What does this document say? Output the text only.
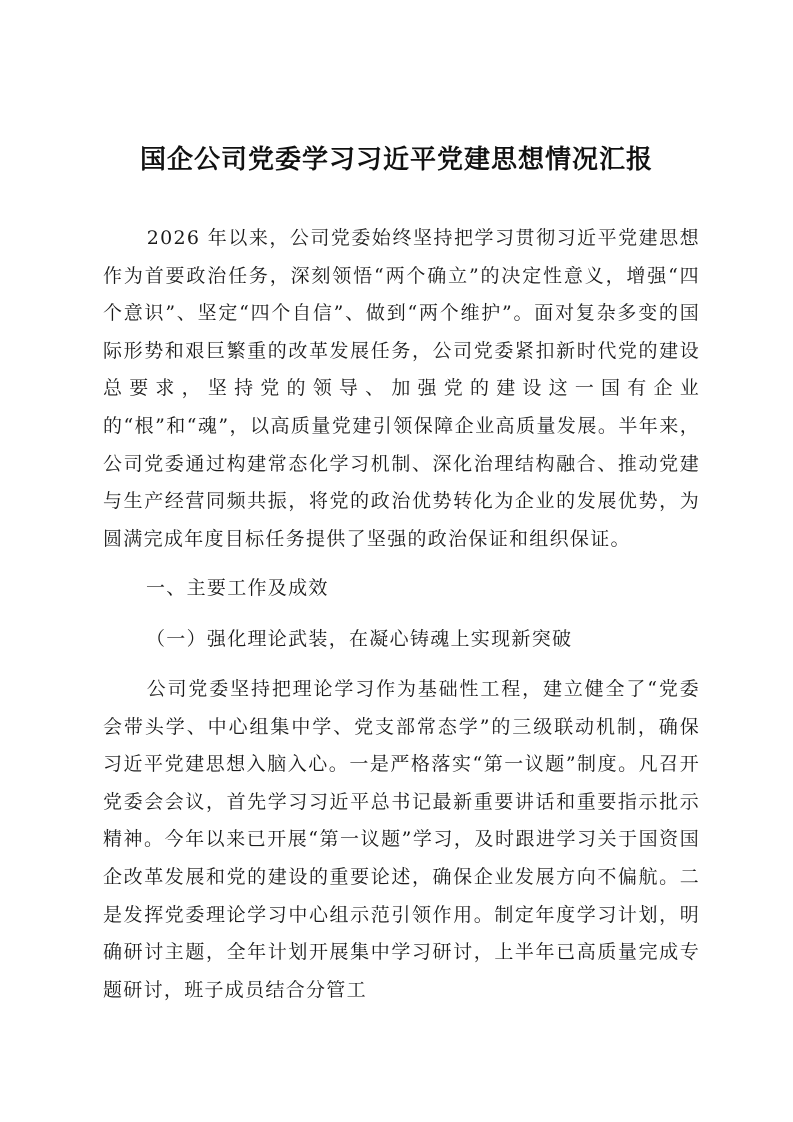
国企公司党委学习习近平党建思想情况汇报

2026 年以来，公司党委始终坚持把学习贯彻习近平党建思想作为首要政治任务，深刻领悟“两个确立”的决定性意义，增强“四个意识”、坚定“四个自信”、做到“两个维护”。面对复杂多变的国际形势和艰巨繁重的改革发展任务，公司党委紧扣新时代党的建设总要求，坚持党的领导、加强党的建设这一国有企业的“根”和“魂”，以高质量党建引领保障企业高质量发展。半年来，公司党委通过构建常态化学习机制、深化治理结构融合、推动党建与生产经营同频共振，将党的政治优势转化为企业的发展优势，为圆满完成年度目标任务提供了坚强的政治保证和组织保证。

一、主要工作及成效

（一）强化理论武装，在凝心铸魂上实现新突破

公司党委坚持把理论学习作为基础性工程，建立健全了“党委会带头学、中心组集中学、党支部常态学”的三级联动机制，确保习近平党建思想入脑入心。一是严格落实“第一议题”制度。凡召开党委会会议，首先学习习近平总书记最新重要讲话和重要指示批示精神。今年以来已开展“第一议题”学习，及时跟进学习关于国资国企改革发展和党的建设的重要论述，确保企业发展方向不偏航。二是发挥党委理论学习中心组示范引领作用。制定年度学习计划，明确研讨主题，全年计划开展集中学习研讨，上半年已高质量完成专题研讨，班子成员结合分管工
